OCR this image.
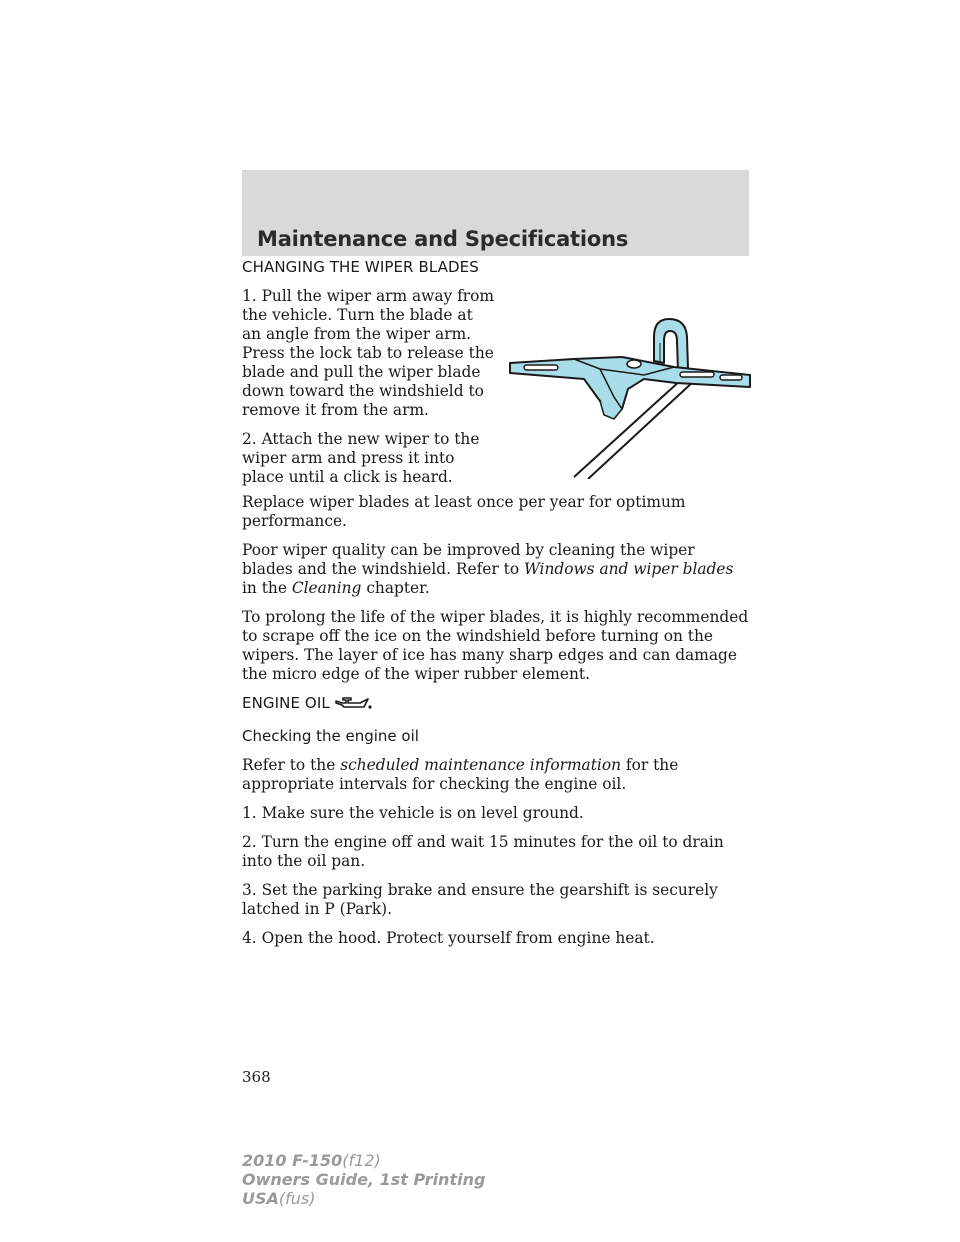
Maintenance and Specifications
CHANGING THE WIPER BLADES

1. Pull the wiper arm away from the vehicle. Turn the blade at an angle from the wiper arm. Press the lock tab to release the blade and pull the wiper blade down toward the windshield to remove it from the arm.

2. Attach the new wiper to the wiper arm and press it into place until a click is heard.

Replace wiper blades at least once per year for optimum performance.

Poor wiper quality can be improved by cleaning the wiper blades and the windshield. Refer to Windows and wiper blades in the Cleaning chapter.

To prolong the life of the wiper blades, it is highly recommended to scrape off the ice on the windshield before turning on the wipers. The layer of ice has many sharp edges and can damage the micro edge of the wiper rubber element.

ENGINE OIL
Checking the engine oil

Refer to the scheduled maintenance information for the appropriate intervals for checking the engine oil.

1. Make sure the vehicle is on level ground.

2. Turn the engine off and wait 15 minutes for the oil to drain into the oil pan.

3. Set the parking brake and ensure the gearshift is securely latched in P (Park).

4. Open the hood. Protect yourself from engine heat.

368
2010 F-150(f12)
Owners Guide, 1st Printing
USA(fus)
